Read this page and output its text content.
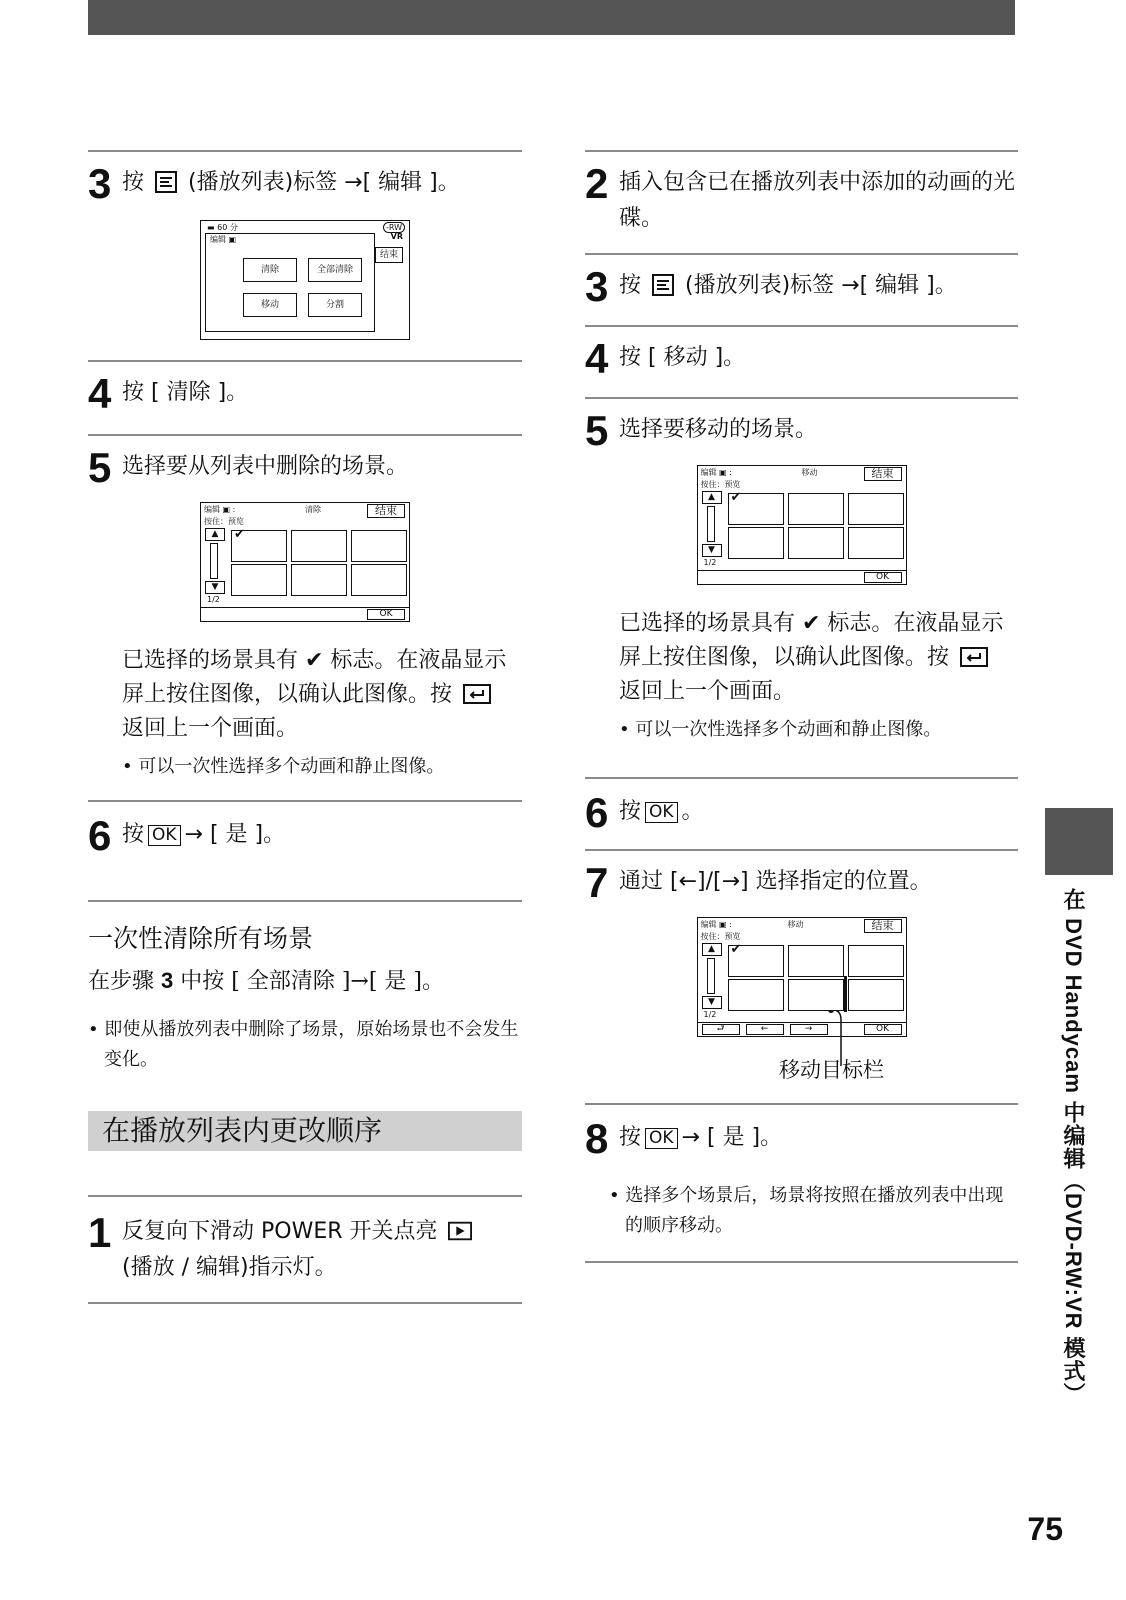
3 按 (播放列表)标签 →[ 编辑 ]。
▬ 60 分	-RW
VR
编辑 ▣
结束
清除	全部清除
移动	分割
4 按 [ 清除 ]。
5 选择要从列表中删除的场景。
编辑 ▣ :	清除	结束
按住：预览
▲
▼
1/2
✔
OK
已选择的场景具有 ✔ 标志。在液晶显示屏上按住图像，以确认此图像。按  返回上一个画面。
• 可以一次性选择多个动画和静止图像。
6 按 OK → [ 是 ]。
一次性清除所有场景
在步骤 3 中按 [ 全部清除 ]→[ 是 ]。
• 即使从播放列表中删除了场景，原始场景也不会发生变化。
在播放列表内更改顺序
1 反复向下滑动 POWER 开关点亮
(播放 / 编辑)指示灯。
2 插入包含已在播放列表中添加的动画的光碟。
3 按 (播放列表)标签 →[ 编辑 ]。
4 按 [ 移动 ]。
5 选择要移动的场景。
编辑 ▣ :	移动	结束
按住：预览
▲
▼
1/2
✔
OK
已选择的场景具有 ✔ 标志。在液晶显示屏上按住图像，以确认此图像。按  返回上一个画面。
• 可以一次性选择多个动画和静止图像。
6 按 OK 。
7 通过 [←]/[→] 选择指定的位置。
编辑 ▣ :	移动	结束
按住：预览
▲
▼
1/2
✔
⮐	←	→	OK
移动目标栏
8 按 OK → [ 是 ]。
• 选择多个场景后，场景将按照在播放列表中出现的顺序移动。	在 DVD Handycam 中编辑（DVD-RW:VR 模式）
75
